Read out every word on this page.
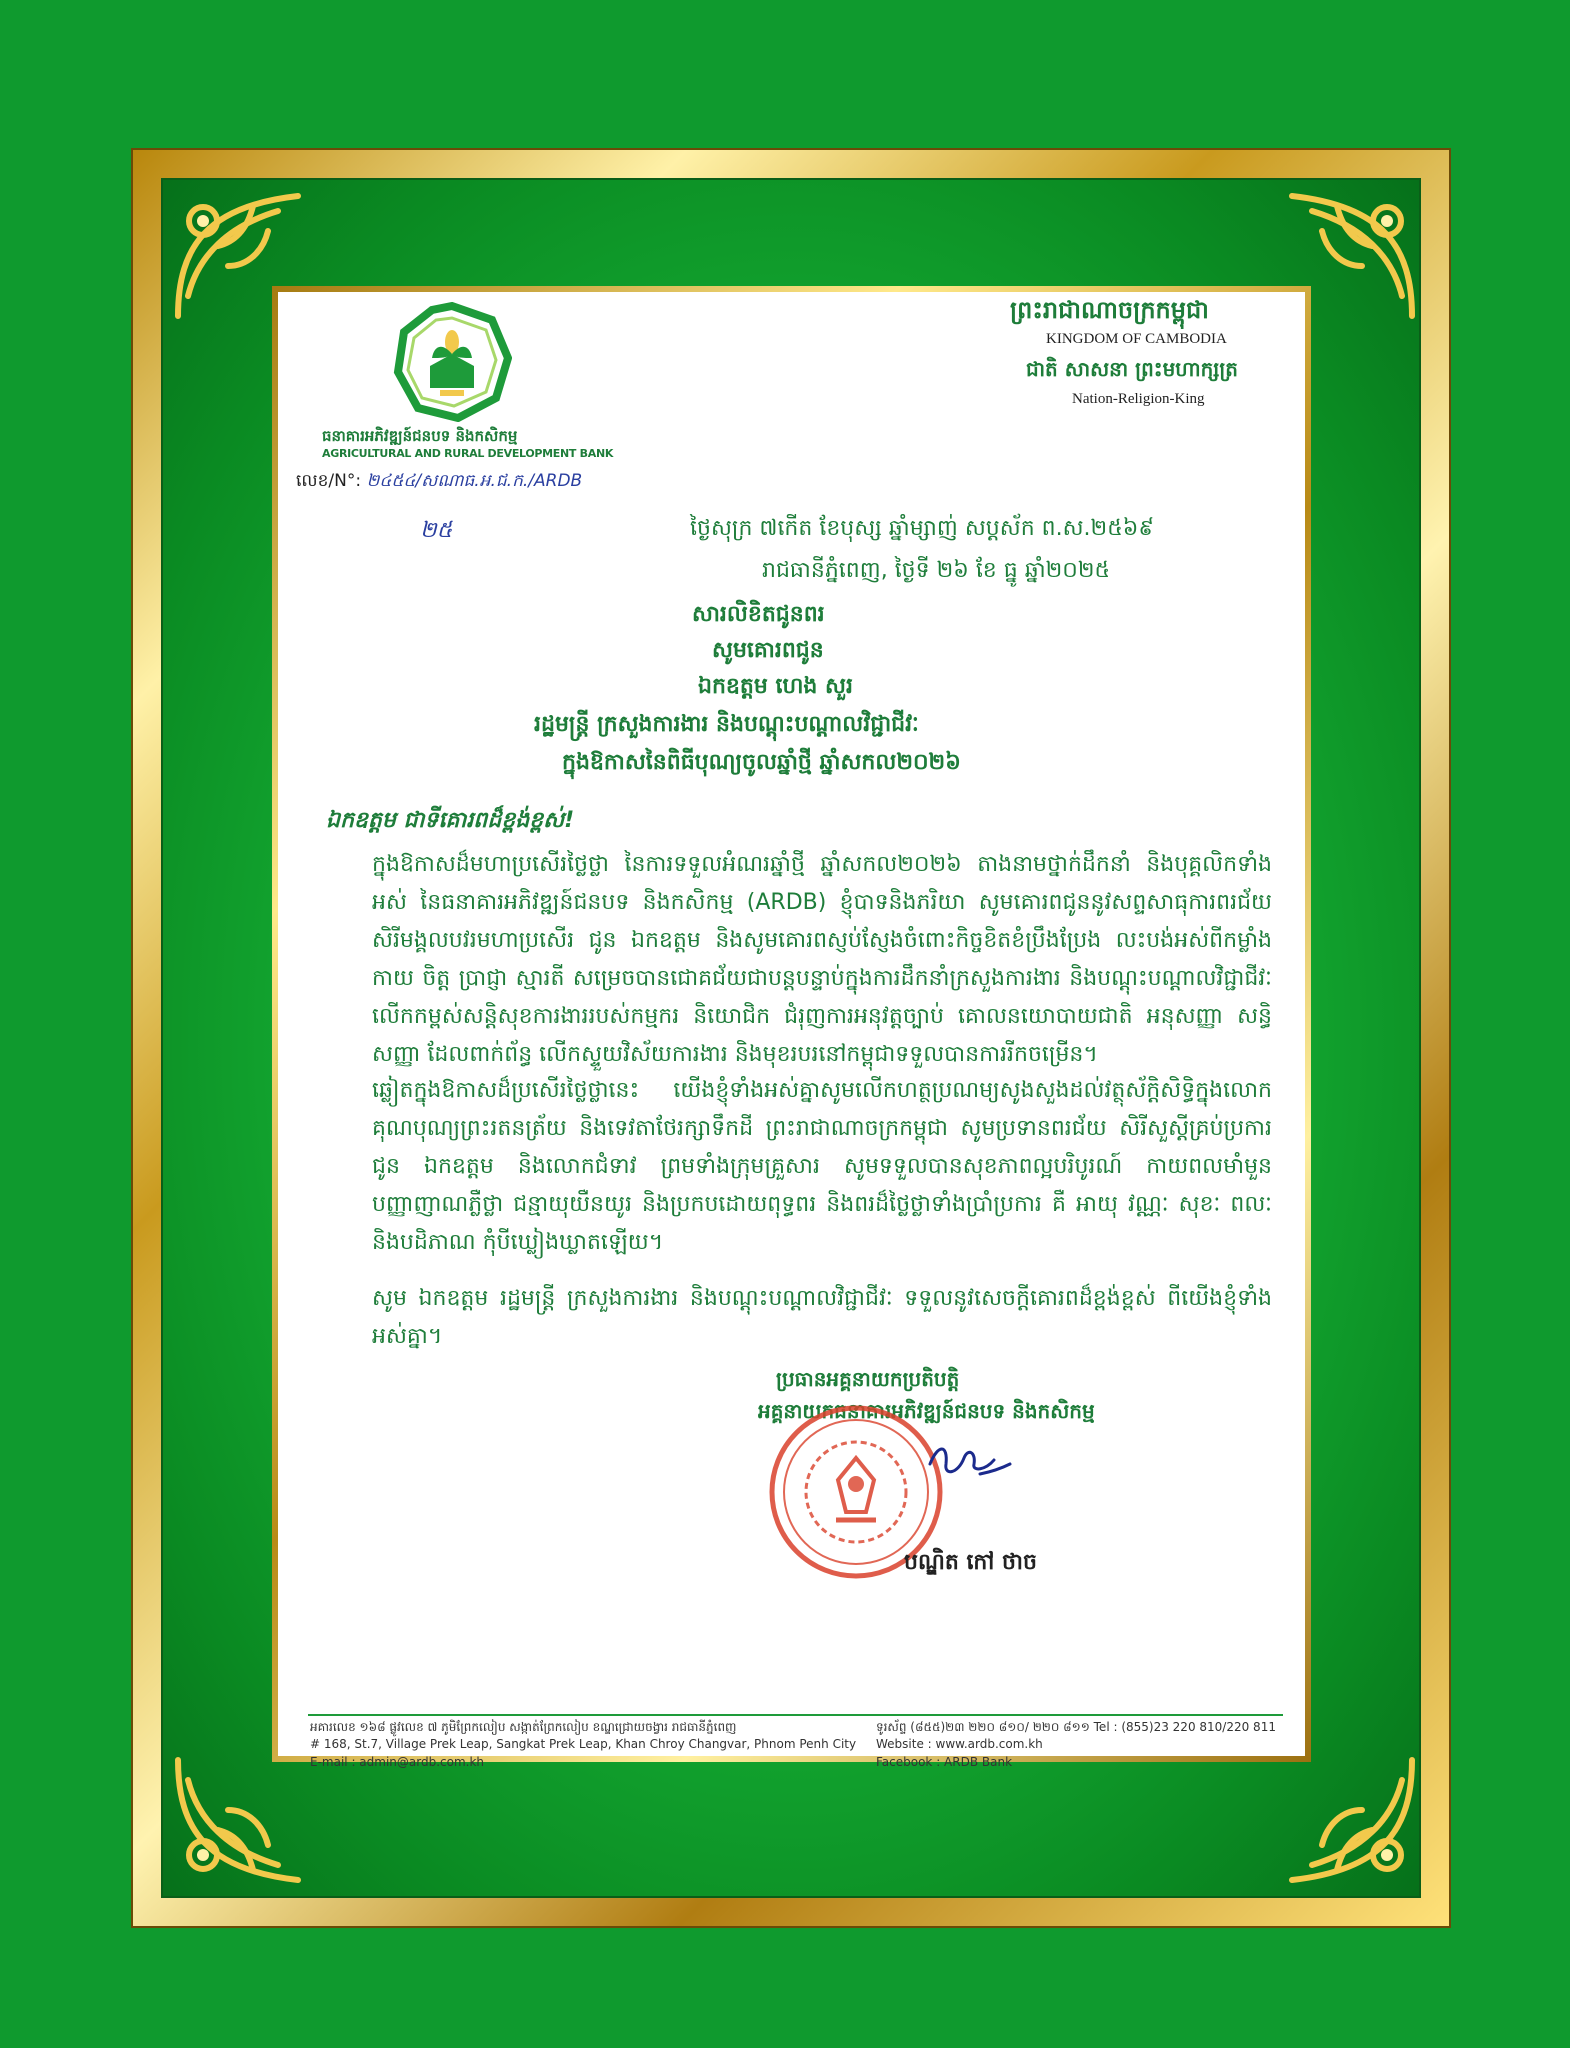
ធនាគារអភិវឌ្ឍន៍ជនបទ និងកសិកម្ម
AGRICULTURAL AND RURAL DEVELOPMENT BANK
លេខ/N°: ២៤៥៤/សណាធ.អ.ជ.ក./ARDB
២៥
ព្រះរាជាណាចក្រកម្ពុជា
KINGDOM OF CAMBODIA
ជាតិ សាសនា ព្រះមហាក្សត្រ
Nation-Religion-King
ថ្ងៃសុក្រ ៧កើត ខែបុស្ស ឆ្នាំម្សាញ់ សប្តស័ក ព.ស.២៥៦៩
រាជធានីភ្នំពេញ, ថ្ងៃទី ២៦ ខែ ធ្នូ ឆ្នាំ២០២៥
សារលិខិតជូនពរ
សូមគោរពជូន
ឯកឧត្តម ហេង សួរ
រដ្ឋមន្ត្រី ក្រសួងការងារ និងបណ្តុះបណ្តាលវិជ្ជាជីវៈ
ក្នុងឱកាសនៃពិធីបុណ្យចូលឆ្នាំថ្មី ឆ្នាំសកល២០២៦
ឯកឧត្តម ជាទីគោរពដ៏ខ្ពង់ខ្ពស់!
ក្នុងឱកាសដ៏មហាប្រសើរថ្លៃថ្លា នៃការទទួលអំណរឆ្នាំថ្មី ឆ្នាំសកល២០២៦ តាងនាមថ្នាក់ដឹកនាំ និងបុគ្គលិកទាំងអស់ នៃធនាគារអភិវឌ្ឍន៍ជនបទ និងកសិកម្ម (ARDB) ខ្ញុំបាទនិងភរិយា សូមគោរពជូននូវសព្ទសាធុការពរជ័យ សិរីមង្គលបវរមហាប្រសើរ ជូន ឯកឧត្តម និងសូមគោរពស្ញប់ស្ញែងចំពោះកិច្ចខិតខំប្រឹងប្រែង លះបង់អស់ពីកម្លាំងកាយ ចិត្ត ប្រាជ្ញា ស្មារតី សម្រេចបានជោគជ័យជាបន្តបន្ទាប់ក្នុងការដឹកនាំក្រសួងការងារ និងបណ្តុះបណ្តាលវិជ្ជាជីវៈ លើកកម្ពស់សន្តិសុខការងាររបស់កម្មករ និយោជិក ជំរុញការអនុវត្តច្បាប់ គោលនយោបាយជាតិ អនុសញ្ញា សន្ធិសញ្ញា ដែលពាក់ព័ន្ធ លើកស្ទួយវិស័យការងារ និងមុខរបរនៅកម្ពុជាទទួលបានការរីកចម្រើន។
ឆ្លៀតក្នុងឱកាសដ៏ប្រសើរថ្លៃថ្លានេះ យើងខ្ញុំទាំងអស់គ្នាសូមលើកហត្ថប្រណម្យសូងសួងដល់វត្ថុស័ក្តិសិទ្ធិក្នុងលោក គុណបុណ្យព្រះរតនត្រ័យ និងទេវតាថែរក្សាទឹកដី ព្រះរាជាណាចក្រកម្ពុជា សូមប្រទានពរជ័យ សិរីសួស្តីគ្រប់ប្រការ ជូន ឯកឧត្តម និងលោកជំទាវ ព្រមទាំងក្រុមគ្រួសារ សូមទទួលបានសុខភាពល្អបរិបូរណ៍ កាយពលមាំមួន បញ្ញាញាណភ្លឺថ្លា ជន្មាយុយឺនយូរ និងប្រកបដោយពុទ្ធពរ និងពរដ៏ថ្លៃថ្លាទាំងប្រាំប្រការ គឺ អាយុ វណ្ណៈ សុខៈ ពលៈ និងបដិភាណ កុំបីឃ្លៀងឃ្លាតឡើយ។
សូម ឯកឧត្តម រដ្ឋមន្ត្រី ក្រសួងការងារ និងបណ្តុះបណ្តាលវិជ្ជាជីវៈ ទទួលនូវសេចក្តីគោរពដ៏ខ្ពង់ខ្ពស់ ពីយើងខ្ញុំទាំងអស់គ្នា។
ប្រធានអគ្គនាយកប្រតិបត្តិ
អគ្គនាយកធនាគារអភិវឌ្ឍន៍ជនបទ និងកសិកម្ម
បណ្ឌិត កៅ ថាច
អគារលេខ ១៦៨ ផ្លូវលេខ ៧ ភូមិព្រែកលៀប សង្កាត់ព្រែកលៀប ខណ្ឌជ្រោយចង្វារ រាជធានីភ្នំពេញ
# 168, St.7, Village Prek Leap, Sangkat Prek Leap, Khan Chroy Changvar, Phnom Penh City
E-mail : admin@ardb.com.kh
ទូរស័ព្ទ (៨៥៥)២៣ ២២០ ៨១០/ ២២០ ៨១១ Tel : (855)23 220 810/220 811
Website : www.ardb.com.kh
Facebook : ARDB Bank
